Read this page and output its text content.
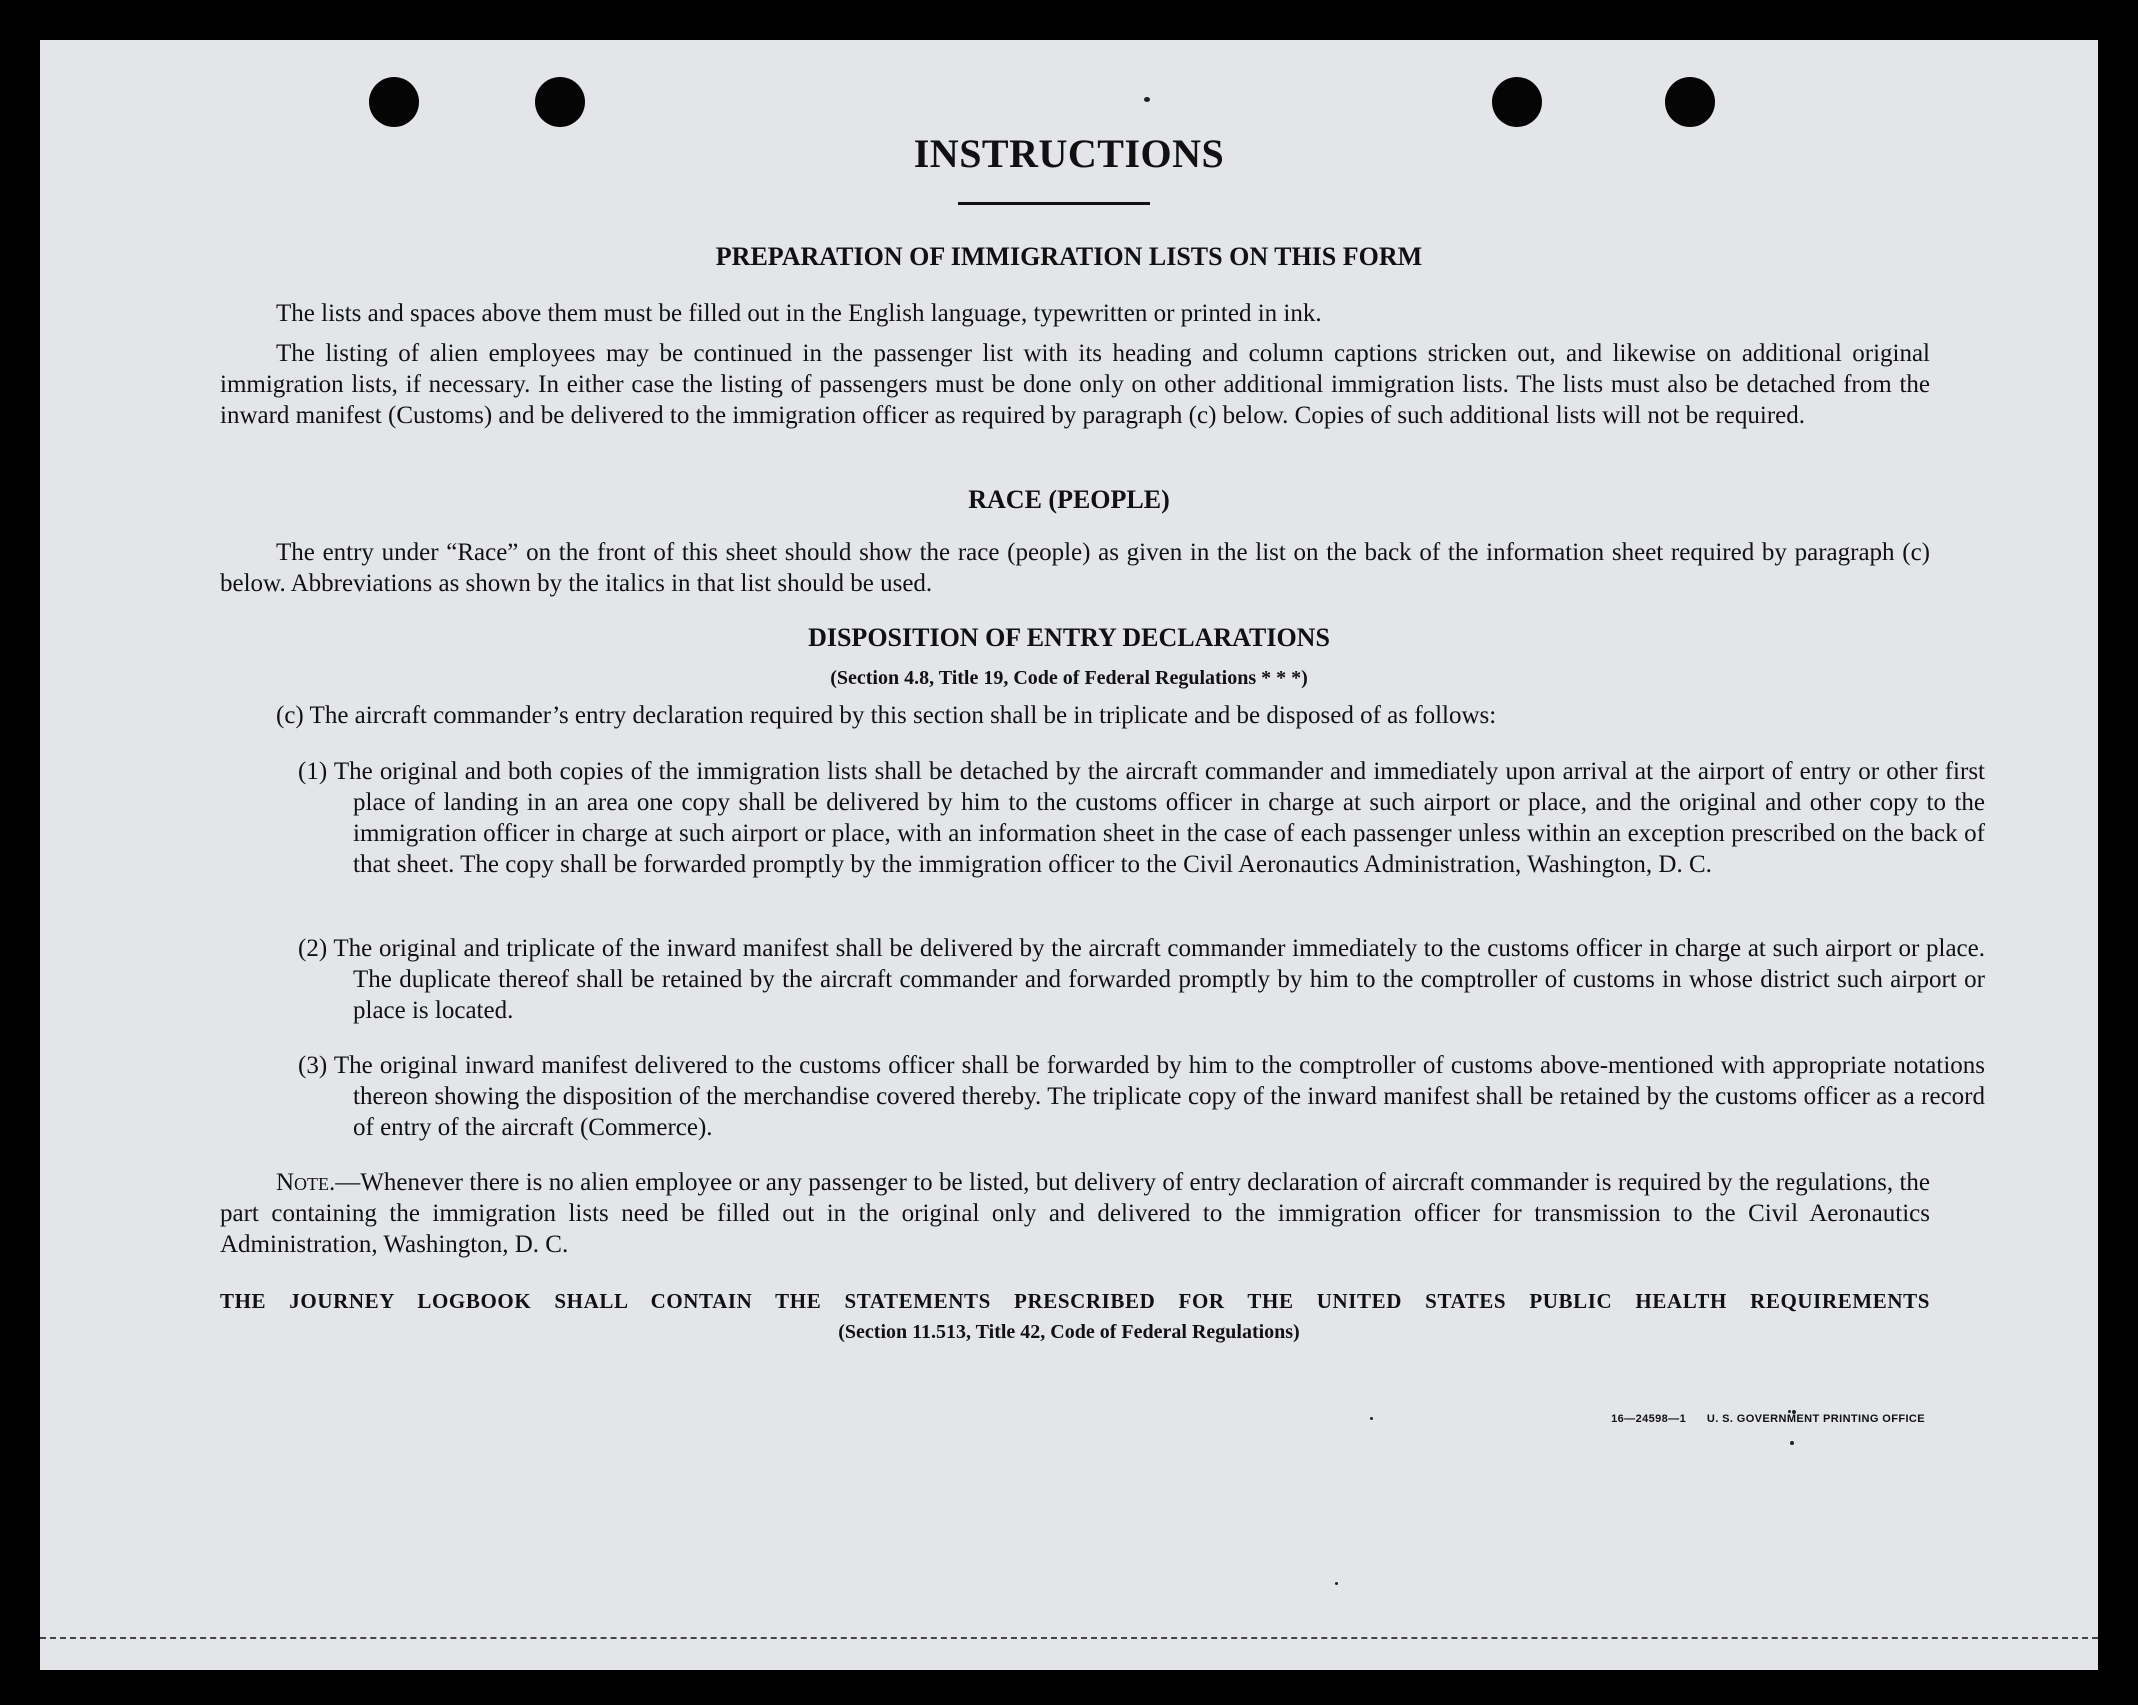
INSTRUCTIONS
PREPARATION OF IMMIGRATION LISTS ON THIS FORM
The lists and spaces above them must be filled out in the English language, typewritten or printed in ink.
The listing of alien employees may be continued in the passenger list with its heading and column captions stricken out, and likewise on additional original immigration lists, if necessary. In either case the listing of passengers must be done only on other additional immigration lists. The lists must also be detached from the inward manifest (Customs) and be delivered to the immigration officer as required by paragraph (c) below. Copies of such additional lists will not be required.
RACE (PEOPLE)
The entry under “Race” on the front of this sheet should show the race (people) as given in the list on the back of the information sheet required by paragraph (c) below. Abbreviations as shown by the italics in that list should be used.
DISPOSITION OF ENTRY DECLARATIONS
(Section 4.8, Title 19, Code of Federal Regulations * * *)
(c) The aircraft commander’s entry declaration required by this section shall be in triplicate and be disposed of as follows:
(1) The original and both copies of the immigration lists shall be detached by the aircraft commander and immediately upon arrival at the airport of entry or other first place of landing in an area one copy shall be delivered by him to the customs officer in charge at such airport or place, and the original and other copy to the immigration officer in charge at such airport or place, with an information sheet in the case of each passenger unless within an exception prescribed on the back of that sheet. The copy shall be forwarded promptly by the immigration officer to the Civil Aeronautics Administration, Washington, D. C.
(2) The original and triplicate of the inward manifest shall be delivered by the aircraft commander immediately to the customs officer in charge at such airport or place. The duplicate thereof shall be retained by the aircraft commander and forwarded promptly by him to the comptroller of customs in whose district such airport or place is located.
(3) The original inward manifest delivered to the customs officer shall be forwarded by him to the comptroller of customs above-mentioned with appropriate notations thereon showing the disposition of the merchandise covered thereby. The triplicate copy of the inward manifest shall be retained by the customs officer as a record of entry of the aircraft (Commerce).
Note.—Whenever there is no alien employee or any passenger to be listed, but delivery of entry declaration of aircraft commander is required by the regulations, the part containing the immigration lists need be filled out in the original only and delivered to the immigration officer for transmission to the Civil Aeronautics Administration, Washington, D. C.
THE JOURNEY LOGBOOK SHALL CONTAIN THE STATEMENTS PRESCRIBED FOR THE UNITED STATES PUBLIC HEALTH REQUIREMENTS
(Section 11.513, Title 42, Code of Federal Regulations)
16—24598—1 U. S. GOVERNMENT PRINTING OFFICE
